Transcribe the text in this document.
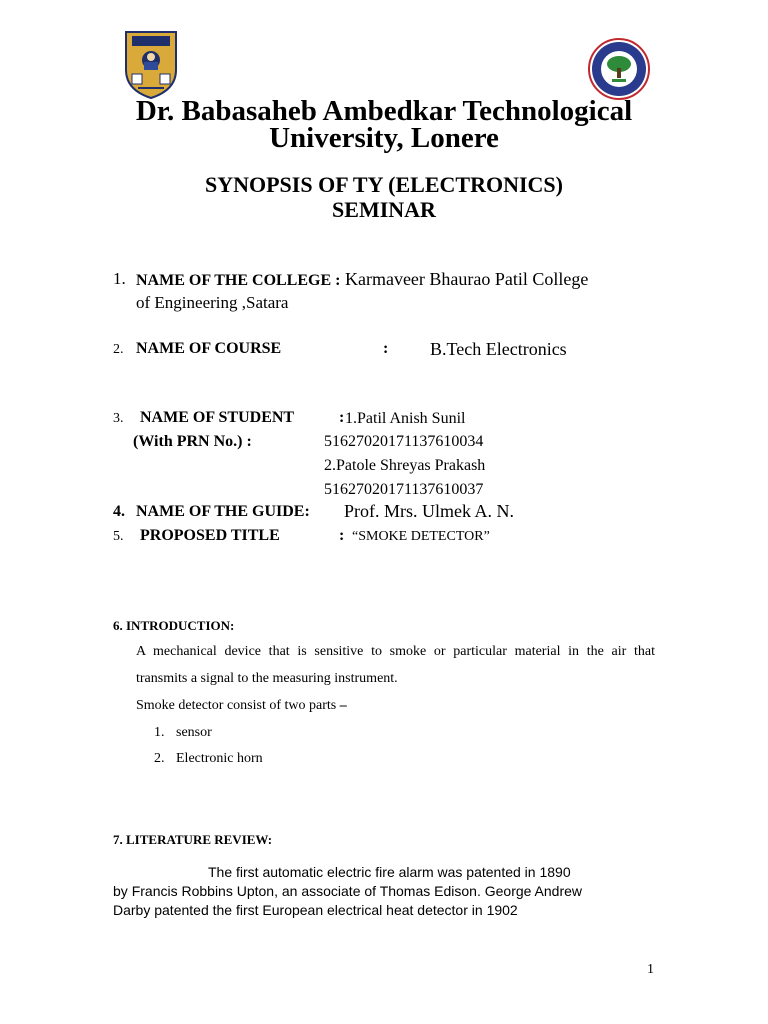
Dr. Babasaheb Ambedkar Technological
University, Lonere
SYNOPSIS OF TY (ELECTRONICS)
SEMINAR
1. NAME OF THE COLLEGE : Karmaveer Bhaurao Patil College
of Engineering ,Satara
2. NAME OF COURSE	: B.Tech Electronics
3. NAME OF STUDENT	: 1.Patil Anish Sunil
(With PRN No.) :	51627020171137610034
2.Patole Shreyas Prakash
51627020171137610037
4. NAME OF THE GUIDE: Prof. Mrs. Ulmek A. N.
5. PROPOSED TITLE	: “SMOKE DETECTOR”
6. INTRODUCTION:
A mechanical device that is sensitive to smoke or particular material in the air that
transmits a signal to the measuring instrument.
Smoke detector consist of two parts –
1. sensor
2. Electronic horn
7. LITERATURE REVIEW:
The first automatic electric fire alarm was patented in 1890
by Francis Robbins Upton, an associate of Thomas Edison. George Andrew
Darby patented the first European electrical heat detector in 1902
1
